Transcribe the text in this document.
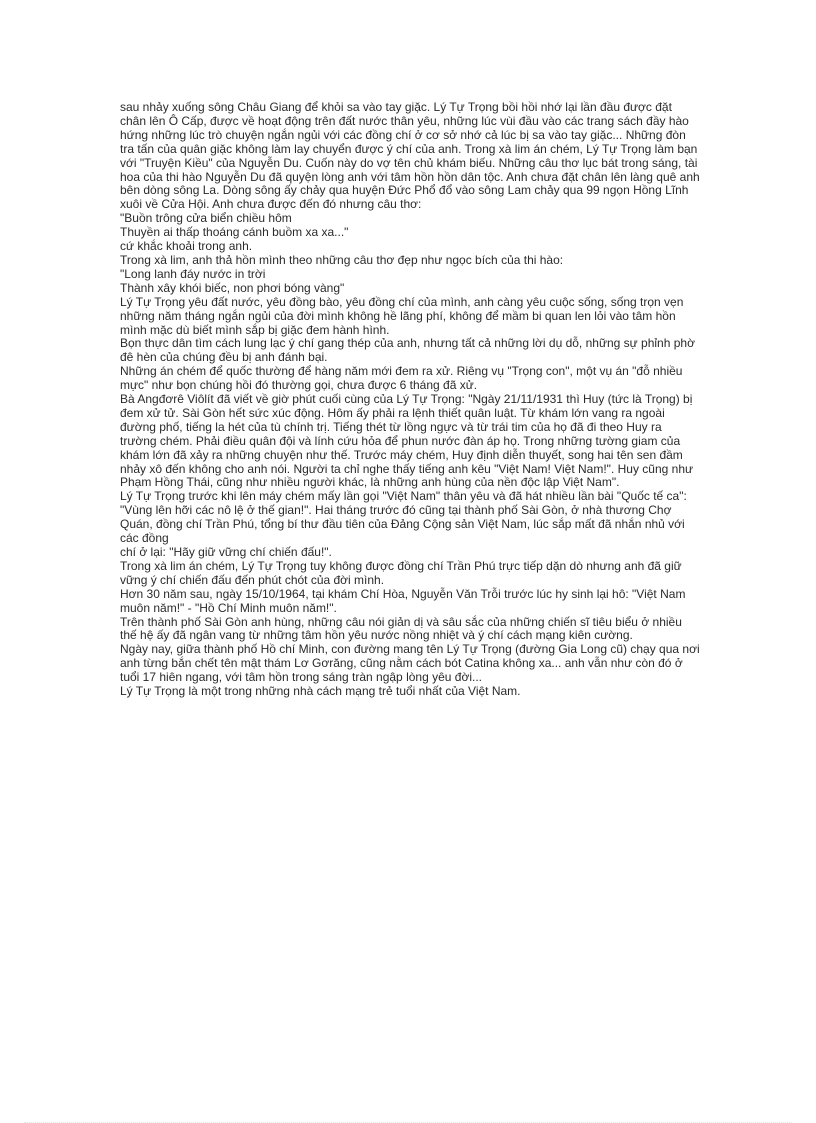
sau nhảy xuống sông Châu Giang để khỏi sa vào tay giặc. Lý Tự Trọng bồi hồi nhớ lại lần đầu được đặt chân lên Ô Cấp, được về hoạt động trên đất nước thân yêu, những lúc vùi đầu vào các trang sách đầy hào hứng những lúc trò chuyện ngắn ngủi với các đồng chí ở cơ sở nhớ cả lúc bị sa vào tay giặc... Những đòn tra tấn của quân giặc không làm lay chuyển được ý chí của anh. Trong xà lim án chém, Lý Tự Trọng làm bạn với "Truyện Kiều" của Nguyễn Du. Cuốn này do vợ tên chủ khám biếu. Những câu thơ lục bát trong sáng, tài hoa của thi hào Nguyễn Du đã quyện lòng anh với tâm hồn hồn dân tộc. Anh chưa đặt chân lên làng quê anh bên dòng sông La. Dòng sông ấy chảy qua huyện Đức Phổ đổ vào sông Lam chảy qua 99 ngọn Hồng Lĩnh xuôi về Cửa Hội. Anh chưa được đến đó nhưng câu thơ:

"Buồn trông cửa biển chiều hôm

Thuyền ai thấp thoáng cánh buồm xa xa..."

cứ khắc khoải trong anh.

Trong xà lim, anh thả hồn mình theo những câu thơ đẹp như ngọc bích của thi hào:

"Long lanh đáy nước in trời

Thành xây khói biếc, non phơi bóng vàng"

Lý Tự Trọng yêu đất nước, yêu đồng bào, yêu đồng chí của mình, anh càng yêu cuộc sống, sống trọn vẹn những năm tháng ngắn ngủi của đời mình không hề lãng phí, không để mầm bi quan len lỏi vào tâm hồn mình mặc dù biết mình sắp bị giặc đem hành hình.

Bọn thực dân tìm cách lung lạc ý chí gang thép của anh, nhưng tất cả những lời dụ dỗ, những sự phỉnh phờ đê hèn của chúng đều bị anh đánh bại.

Những án chém để quốc thường để hàng năm mới đem ra xử. Riêng vụ "Trọng con", một vụ án "đỗ nhiều mực" như bọn chúng hồi đó thường gọi, chưa được 6 tháng đã xử.

Bà Angđơrê Viôlít đã viết về giờ phút cuối cùng của Lý Tự Trọng: "Ngày 21/11/1931 thì Huy (tức là Trọng) bị đem xử tử. Sài Gòn hết sức xúc động. Hôm ấy phải ra lệnh thiết quân luật. Từ khám lớn vang ra ngoài đường phố, tiếng la hét của tù chính trị. Tiếng thét từ lồng ngực và từ trái tim của họ đã đi theo Huy ra trường chém. Phải điều quân đội và lính cứu hỏa để phun nước đàn áp họ. Trong những tường giam của khám lớn đã xảy ra những chuyện như thế. Trước máy chém, Huy định diễn thuyết, song hai tên sen đầm nhảy xô đến không cho anh nói. Người ta chỉ nghe thấy tiếng anh kêu "Việt Nam! Việt Nam!". Huy cũng như Phạm Hồng Thái, cũng như nhiều người khác, là những anh hùng của nền độc lập Việt Nam".

Lý Tự Trọng trước khi lên máy chém mấy lần gọi "Việt Nam" thân yêu và đã hát nhiều lần bài "Quốc tế ca": "Vùng lên hỡi các nô lệ ở thế gian!". Hai tháng trước đó cũng tại thành phố Sài Gòn, ở nhà thương Chợ Quán, đồng chí Trần Phú, tổng bí thư đầu tiên của Đảng Cộng sản Việt Nam, lúc sắp mất đã nhắn nhủ với các đồng

chí ở lại: "Hãy giữ vững chí chiến đấu!".

Trong xà lim án chém, Lý Tự Trọng tuy không được đồng chí Trần Phú trực tiếp dặn dò nhưng anh đã giữ vững ý chí chiến đấu đến phút chót của đời mình.

Hơn 30 năm sau, ngày 15/10/1964, tại khám Chí Hòa, Nguyễn Văn Trỗi trước lúc hy sinh lại hô: "Việt Nam muôn năm!" - "Hồ Chí Minh muôn năm!".

Trên thành phố Sài Gòn anh hùng, những câu nói giản dị và sâu sắc của những chiến sĩ tiêu biểu ở nhiều thế hệ ấy đã ngân vang từ những tâm hồn yêu nước nồng nhiệt và ý chí cách mạng kiên cường.

Ngày nay, giữa thành phố Hồ chí Minh, con đường mang tên Lý Tự Trọng (đường Gia Long cũ) chạy qua nơi anh từng bắn chết tên mật thám Lơ Gơrăng, cũng nằm cách bót Catina không xa... anh vẫn như còn đó ở tuổi 17 hiên ngang, với tâm hồn trong sáng tràn ngập lòng yêu đời...

Lý Tự Trọng là một trong những nhà cách mạng trẻ tuổi nhất của Việt Nam.
